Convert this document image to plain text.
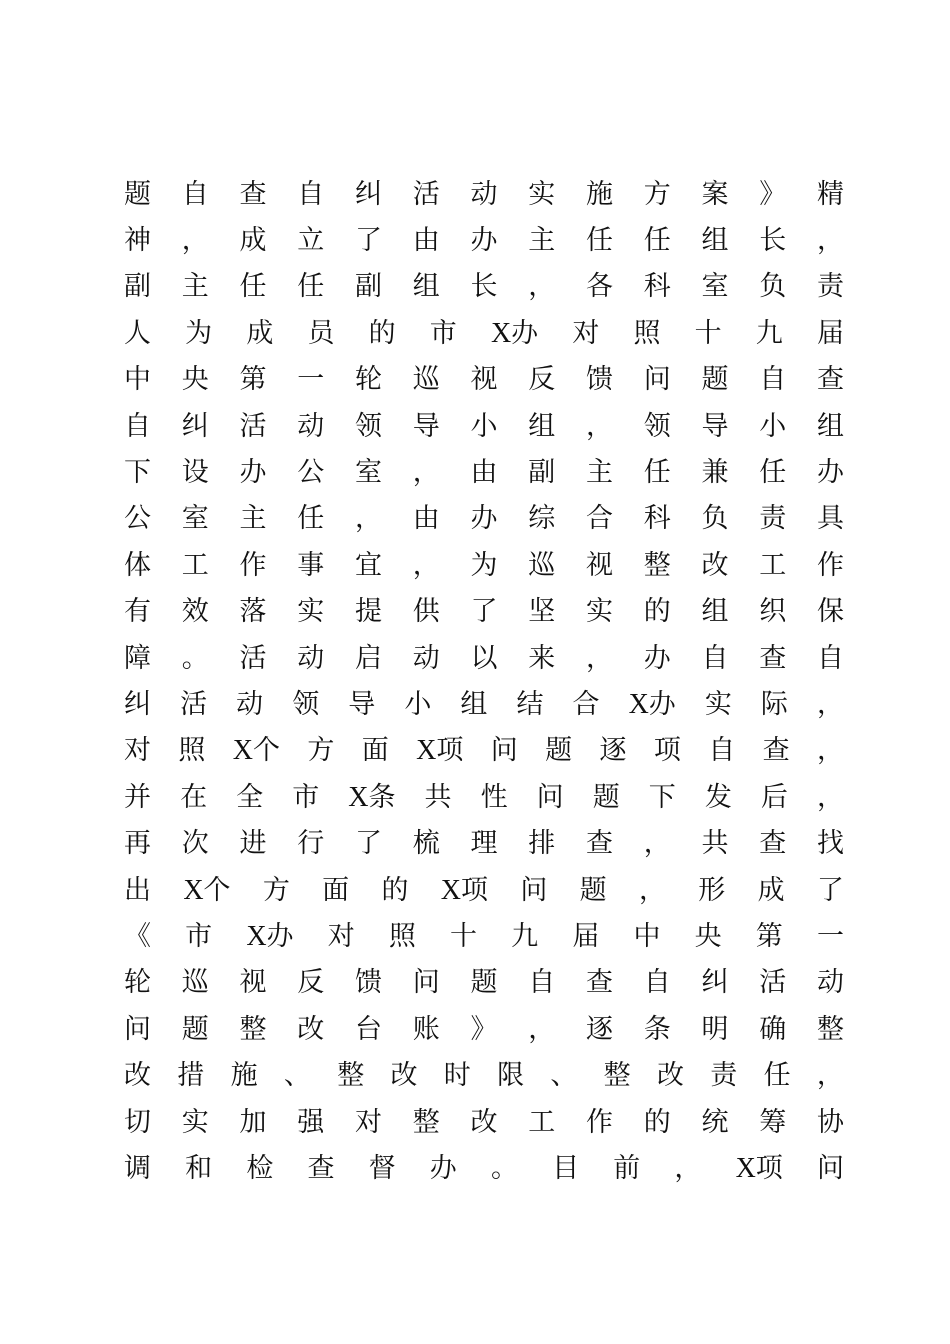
题 自 查 自 纠 活 动 实 施 方 案 》 精
神 ， 成 立 了 由 办 主 任 任 组 长 ，
副 主 任 任 副 组 长 ， 各 科 室 负 责
人 为 成 员 的 市 X办 对 照 十 九 届
中 央 第 一 轮 巡 视 反 馈 问 题 自 查
自 纠 活 动 领 导 小 组 ， 领 导 小 组
下 设 办 公 室 ， 由 副 主 任 兼 任 办
公 室 主 任 ， 由 办 综 合 科 负 责 具
体 工 作 事 宜 ， 为 巡 视 整 改 工 作
有 效 落 实 提 供 了 坚 实 的 组 织 保
障 。 活 动 启 动 以 来 ， 办 自 查 自
纠 活 动 领 导 小 组 结 合 X办 实 际 ，
对 照 X个 方 面 X项 问 题 逐 项 自 查 ，
并 在 全 市 X条 共 性 问 题 下 发 后 ，
再 次 进 行 了 梳 理 排 查 ， 共 查 找
出 X个 方 面 的 X项 问 题 ， 形 成 了
《 市 X办 对 照 十 九 届 中 央 第 一
轮 巡 视 反 馈 问 题 自 查 自 纠 活 动
问 题 整 改 台 账 》 ， 逐 条 明 确 整
改 措 施 、 整 改 时 限 、 整 改 责 任 ，
切 实 加 强 对 整 改 工 作 的 统 筹 协
调 和 检 查 督 办 。 目 前 ， X项 问
